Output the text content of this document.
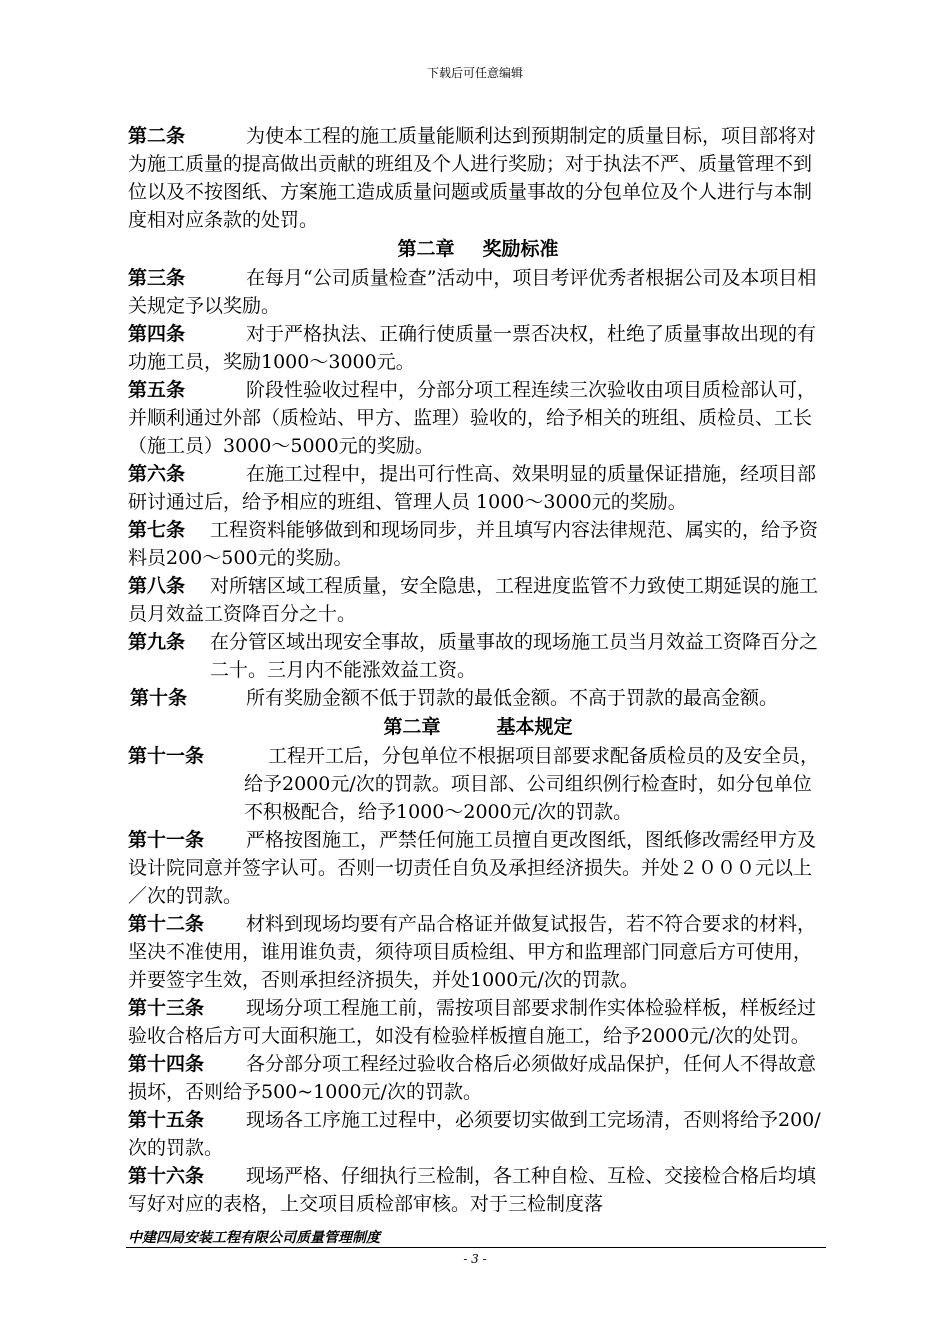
下载后可任意编辑

第二条	为使本工程的施工质量能顺利达到预期制定的质量目标，项目部将对为施工质量的提高做出贡献的班组及个人进行奖励；对于执法不严、质量管理不到位以及不按图纸、方案施工造成质量问题或质量事故的分包单位及个人进行与本制度相对应条款的处罚。

第二章 奖励标准

第三条	在每月“公司质量检查”活动中，项目考评优秀者根据公司及本项目相关规定予以奖励。

第四条	对于严格执法、正确行使质量一票否决权，杜绝了质量事故出现的有功施工员，奖励1000～3000元。

第五条	阶段性验收过程中，分部分项工程连续三次验收由项目质检部认可，并顺利通过外部（质检站、甲方、监理）验收的，给予相关的班组、质检员、工长（施工员）3000～5000元的奖励。

第六条	在施工过程中，提出可行性高、效果明显的质量保证措施，经项目部研讨通过后，给予相应的班组、管理人员 1000～3000元的奖励。

第七条	工程资料能够做到和现场同步，并且填写内容法律规范、属实的，给予资料员200～500元的奖励。

第八条	对所辖区域工程质量，安全隐患，工程进度监管不力致使工期延误的施工员月效益工资降百分之十。

第九条	在分管区域出现安全事故，质量事故的现场施工员当月效益工资降百分之二十。三月内不能涨效益工资。

第十条	所有奖励金额不低于罚款的最低金额。不高于罚款的最高金额。

第二章	基本规定

第十一条	工程开工后，分包单位不根据项目部要求配备质检员的及安全员，给予2000元/次的罚款。项目部、公司组织例行检查时，如分包单位不积极配合，给予1000～2000元/次的罚款。

第十一条	严格按图施工，严禁任何施工员擅自更改图纸，图纸修改需经甲方及设计院同意并签字认可。否则一切责任自负及承担经济损失。并处２０００元以上／次的罚款。

第十二条	材料到现场均要有产品合格证并做复试报告，若不符合要求的材料，坚决不准使用，谁用谁负责，须待项目质检组、甲方和监理部门同意后方可使用，并要签字生效，否则承担经济损失，并处1000元/次的罚款。

第十三条	现场分项工程施工前，需按项目部要求制作实体检验样板，样板经过验收合格后方可大面积施工，如没有检验样板擅自施工，给予2000元/次的处罚。

第十四条	各分部分项工程经过验收合格后必须做好成品保护，任何人不得故意损坏，否则给予500~1000元/次的罚款。

第十五条	现场各工序施工过程中，必须要切实做到工完场清，否则将给予200/次的罚款。

第十六条	现场严格、仔细执行三检制，各工种自检、互检、交接检合格后均填写好对应的表格，上交项目质检部审核。对于三检制度落

中建四局安装工程有限公司质量管理制度
- 3 -
